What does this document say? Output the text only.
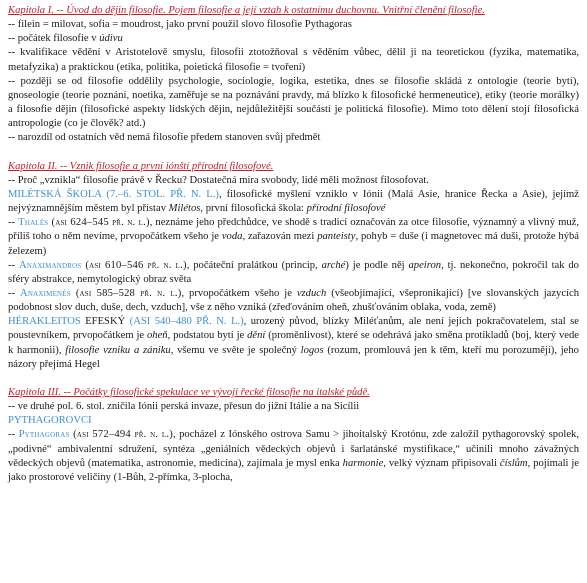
Kapitola I. -- Úvod do dějin filosofie. Pojem filosofie a její vztah k ostatnímu duchovnu. Vnitřní členění filosofie.

-- filein = milovat, sofia = moudrost, jako první použil slovo filosofie Pythagoras

-- počátek filosofie v údivu

-- kvalifikace vědění v Aristotelově smyslu, filosofii ztotožňoval s věděním vůbec, dělil ji na teoretickou (fyzika, matematika, metafyzika) a praktickou (etika, politika, poietická filosofie = tvoření)

-- později se od filosofie oddělily psychologie, sociologie, logika, estetika, dnes se filosofie skládá z ontologie (teorie bytí), gnoseologie (teorie poznání, noetika, zaměřuje se na poznávání pravdy, má blízko k filosofické hermeneutice), etiky (teorie morálky) a filosofie dějin (filosofické aspekty lidských dějin, nejdůležitější součástí je politická filosofie). Mimo toto dělení stojí filosofická antropologie (co je člověk? atd.)

-- narozdíl od ostatních věd nemá filosofie předem stanoven svůj předmět

Kapitola II. -- Vznik filosofie a první iónští přírodní filosofové.

-- Proč „vznikla“ filosofie právě v Řecku? Dostatečná míra svobody, lidé měli možnost filosofovat.

MILÉTSKÁ ŠKOLA (7.–6. STOL. PŘ. N. L.), filosofické myšlení vzniklo v Iónii (Malá Asie, hranice Řecka a Asie), jejímž nejvýznamnějším městem byl přístav Milétos, první filosofická škola: přírodní filosofové

-- Thalés (asi 624–545 př. n. l.), neznáme jeho předchůdce, ve shodě s tradicí označován za otce filosofie, významný a vlivný muž, příliš toho o něm nevíme, prvopočátkem všeho je voda, zařazován mezi panteisty, pohyb = duše (i magnetovec má duši, protože hýbá železem)

-- Anaximandros (asi 610–546 př. n. l.), počáteční pralátkou (princip, arché) je podle něj apeiron, tj. nekonečno, pokročil tak do sféry abstrakce, nemytologický obraz světa

-- Anaximenés (asi 585–528 př. n. l.), prvopočátkem všeho je vzduch (všeobjímající, všepronikající) [ve slovanských jazycích podobnost slov duch, duše, dech, vzduch], vše z něho vzniká (zřeďováním oheň, zhušťováním oblaka, voda, země)

HÉRAKLEITOS EFESKÝ (ASI 540–480 PŘ. N. L.), urozený původ, blízky Miléťanům, ale není jejich pokračovatelem, stal se poustevníkem, prvopočátkem je oheň, podstatou bytí je dění (proměnlivost), které se odehrává jako směna protikladů (boj, který vede k harmonii), filosofie vzniku a zániku, všemu ve světe je společný logos (rozum, promlouvá jen k těm, kteří mu porozumějí), jeho názory přejímá Hegel

Kapitola III. -- Počátky filosofické spekulace ve vývoji řecké filosofie na italské půdě.

-- ve druhé pol. 6. stol. zničila Iónii perská invaze, přesun do jižní Itálie a na Sicílii

PYTHAGOROVCI

-- Pythagoras (asi 572–494 př. n. l.), pocházel z Iónského ostrova Samu > jihoitalský Krotónu, zde založil pythagorovský spolek, „podivné“ ambivalentní sdružení, syntéza „geniálních vědeckých objevů i šarlatánské mystifikace,“ učinili mnoho závažných vědeckých objevů (matematika, astronomie, medicína), zajímala je mysl enka harmonie, velký význam připisovali číslům, pojímali je jako prostorové veličiny (1-Bůh, 2-přímka, 3-plocha,
